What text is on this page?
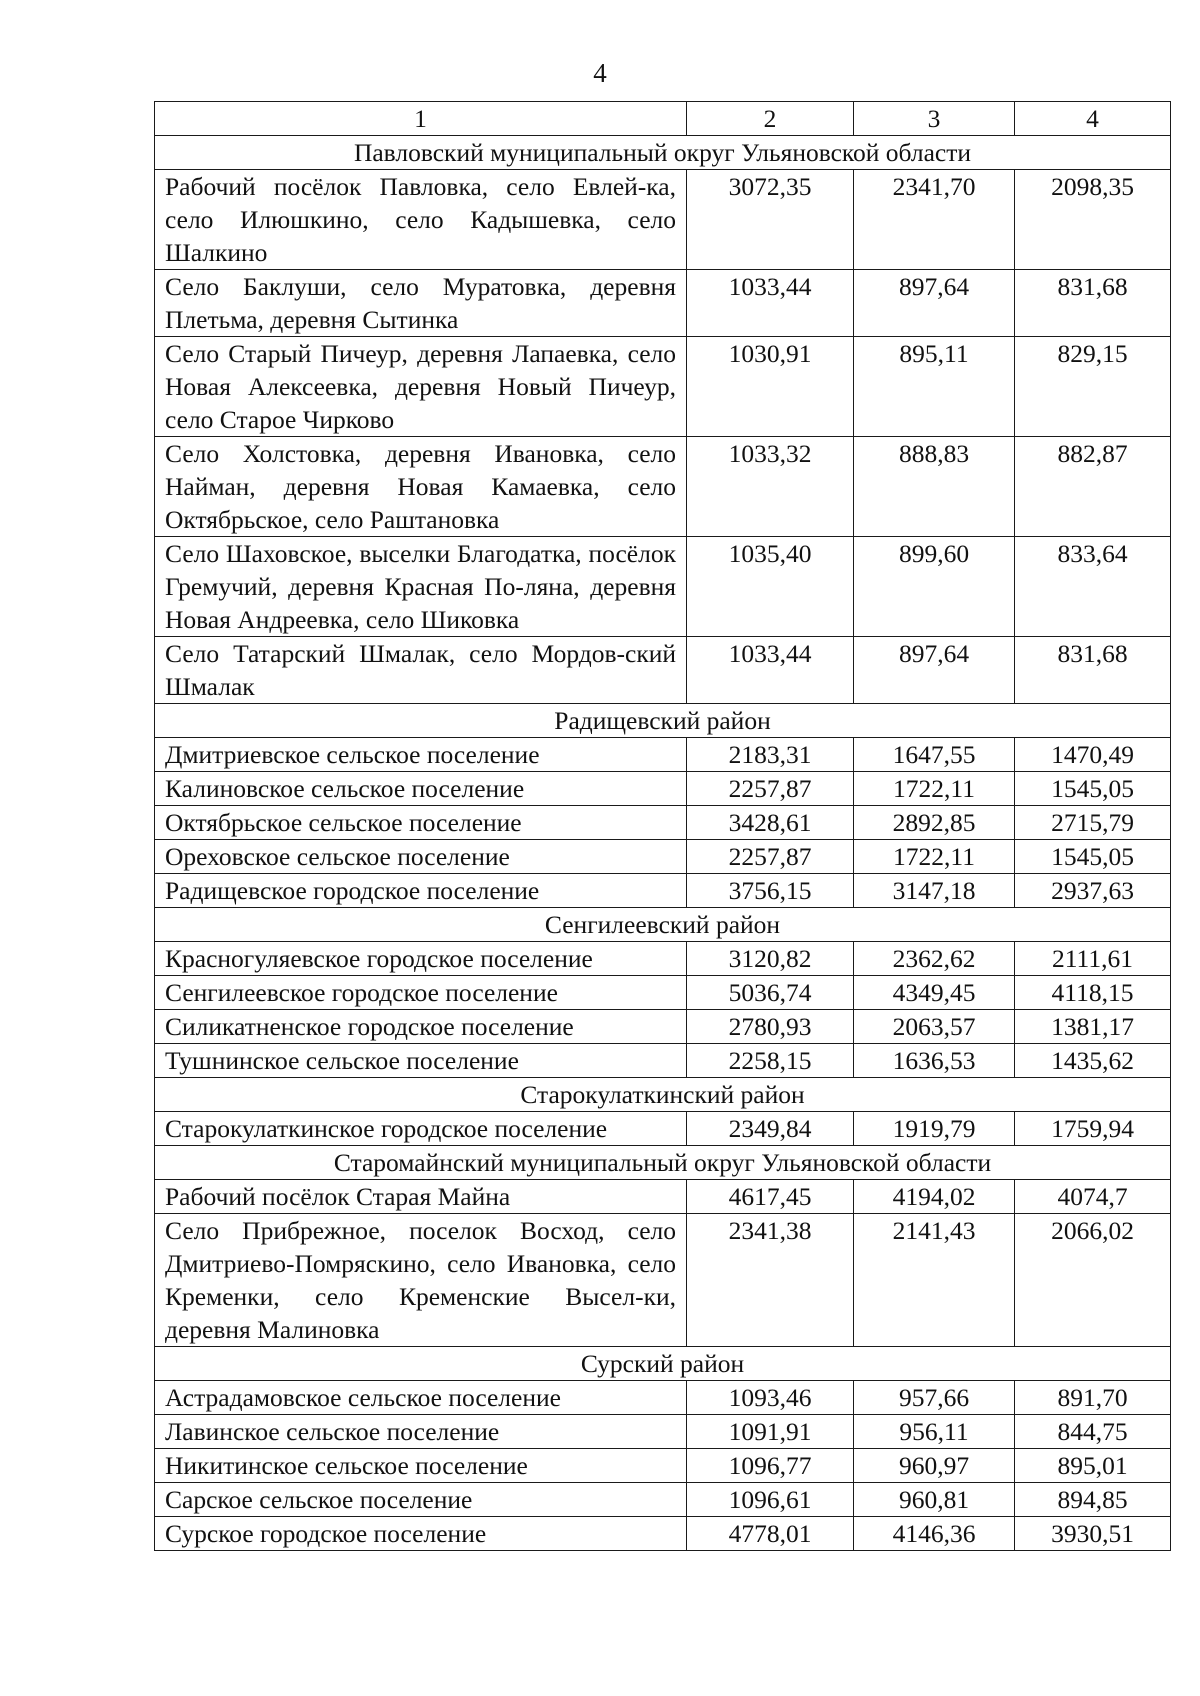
4
1	2	3	4
Павловский муниципальный округ Ульяновской области			
Рабочий посёлок Павловка, село Евлей-ка, село Илюшкино, село Кадышевка, село Шалкино	3072,35	2341,70	2098,35
Село Баклуши, село Муратовка, деревня Плетьма, деревня Сытинка	1033,44	897,64	831,68
Село Старый Пичеур, деревня Лапаевка, село Новая Алексеевка, деревня Новый Пичеур, село Старое Чирково	1030,91	895,11	829,15
Село Холстовка, деревня Ивановка, село Найман, деревня Новая Камаевка, село Октябрьское, село Раштановка	1033,32	888,83	882,87
Село Шаховское, выселки Благодатка, посёлок Гремучий, деревня Красная По-ляна, деревня Новая Андреевка, село Шиковка	1035,40	899,60	833,64
Село Татарский Шмалак, село Мордов-ский Шмалак	1033,44	897,64	831,68
Радищевский район			
Дмитриевское сельское поселение	2183,31	1647,55	1470,49
Калиновское сельское поселение	2257,87	1722,11	1545,05
Октябрьское сельское поселение	3428,61	2892,85	2715,79
Ореховское сельское поселение	2257,87	1722,11	1545,05
Радищевское городское поселение	3756,15	3147,18	2937,63
Сенгилеевский район			
Красногуляевское городское поселение	3120,82	2362,62	2111,61
Сенгилеевское городское поселение	5036,74	4349,45	4118,15
Силикатненское городское поселение	2780,93	2063,57	1381,17
Тушнинское сельское поселение	2258,15	1636,53	1435,62
Старокулаткинский район			
Старокулаткинское городское поселение	2349,84	1919,79	1759,94
Старомайнский муниципальный округ Ульяновской области			
Рабочий посёлок Старая Майна	4617,45	4194,02	4074,7
Село Прибрежное, поселок Восход, село Дмитриево-Помряскино, село Ивановка, село Кременки, село Кременские Высел-ки, деревня Малиновка	2341,38	2141,43	2066,02
Сурский район			
Астрадамовское сельское поселение	1093,46	957,66	891,70
Лавинское сельское поселение	1091,91	956,11	844,75
Никитинское сельское поселение	1096,77	960,97	895,01
Сарское сельское поселение	1096,61	960,81	894,85
Сурское городское поселение	4778,01	4146,36	3930,51
